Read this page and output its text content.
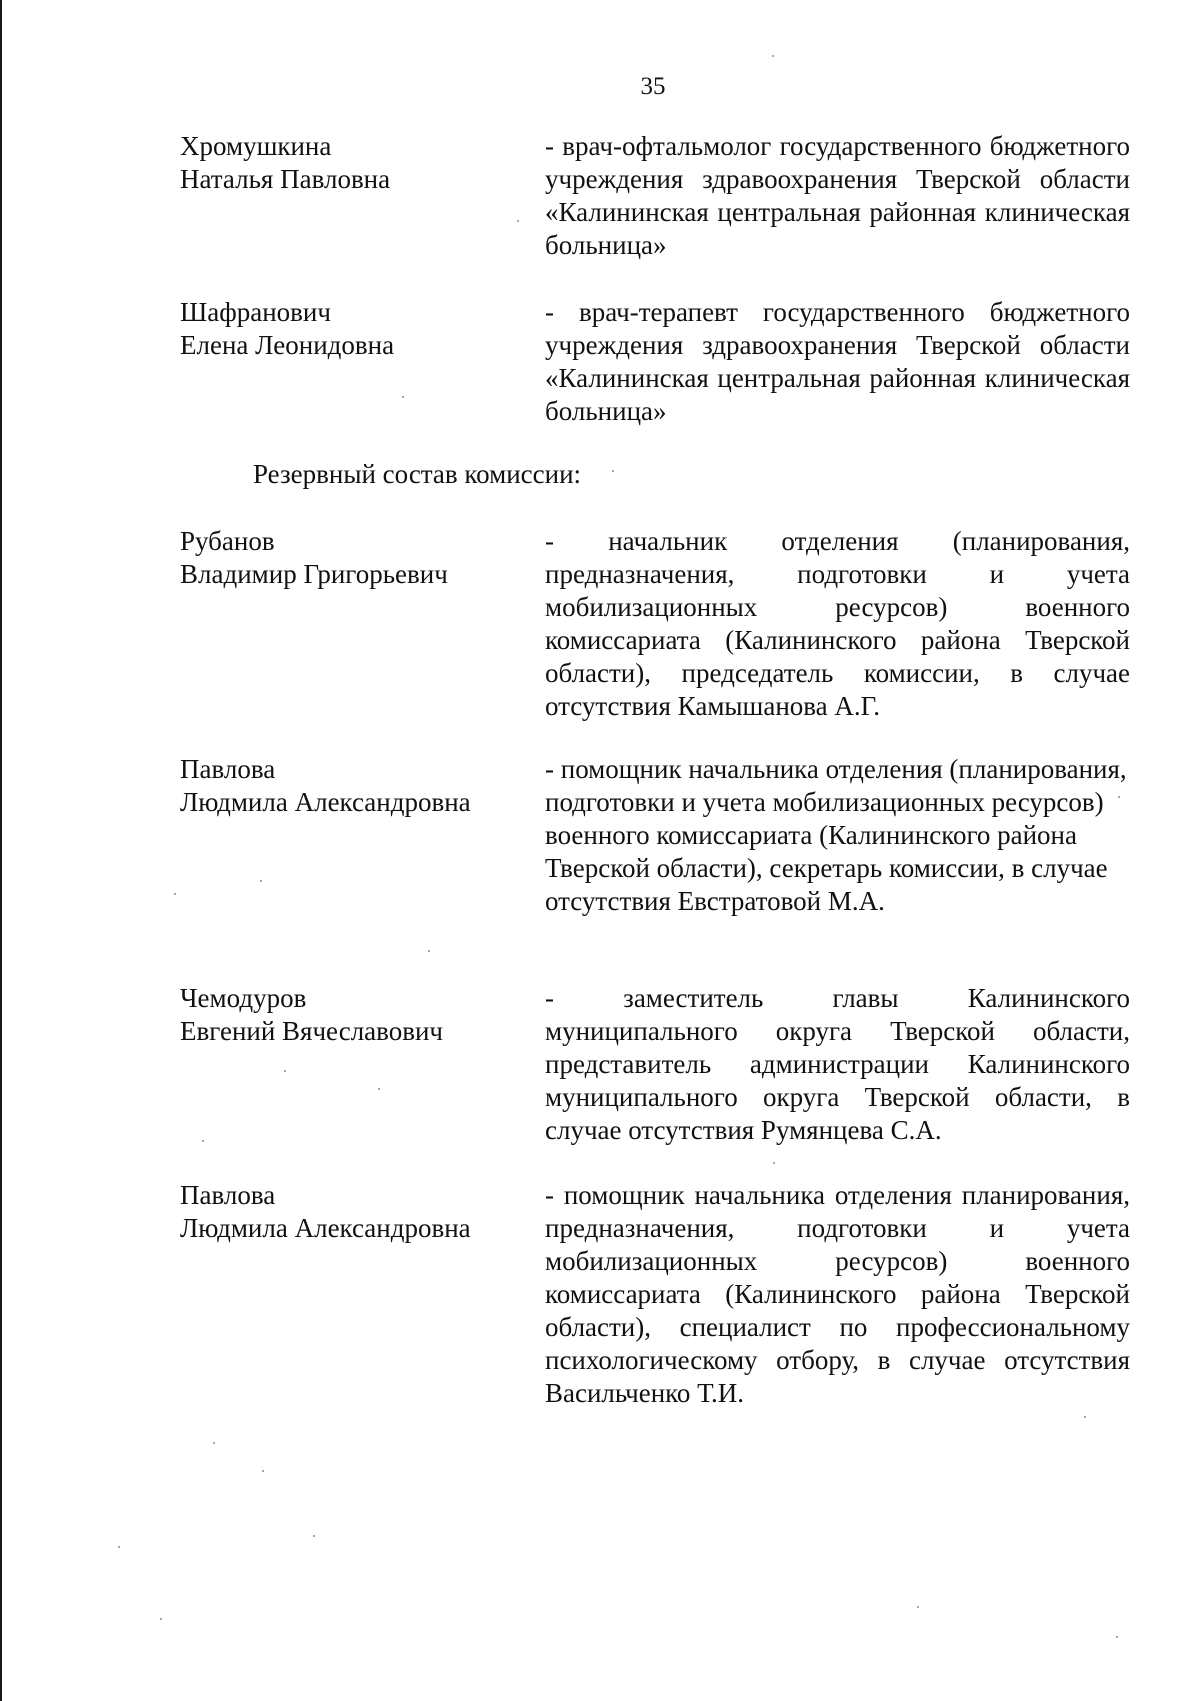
35
Хромушкина
Наталья Павловна
- врач-офтальмолог государственного бюджетного учреждения здравоохранения Тверской области «Калининская центральная районная клиническая больница»
Шафранович
Елена Леонидовна
- врач-терапевт государственного бюджетного учреждения здравоохранения Тверской области «Калининская центральная районная клиническая больница»
Резервный состав комиссии:
Рубанов
Владимир Григорьевич
- начальник отделения (планирования, предназначения, подготовки и учета мобилизационных ресурсов) военного комиссариата (Калининского района Тверской области), председатель комиссии, в случае отсутствия Камышанова А.Г.
Павлова
Людмила Александровна
- помощник начальника отделения (планирования, подготовки и учета мобилизационных ресурсов) военного комиссариата (Калининского района Тверской области), секретарь комиссии, в случае отсутствия Евстратовой М.А.
Чемодуров
Евгений Вячеславович
- заместитель главы Калининского муниципального округа Тверской области, представитель администрации Калининского муниципального округа Тверской области, в случае отсутствия Румянцева С.А.
Павлова
Людмила Александровна
- помощник начальника отделения планирования, предназначения, подготовки и учета мобилизационных ресурсов) военного комиссариата (Калининского района Тверской области), специалист по профессиональному психологическому отбору, в случае отсутствия Васильченко Т.И.
